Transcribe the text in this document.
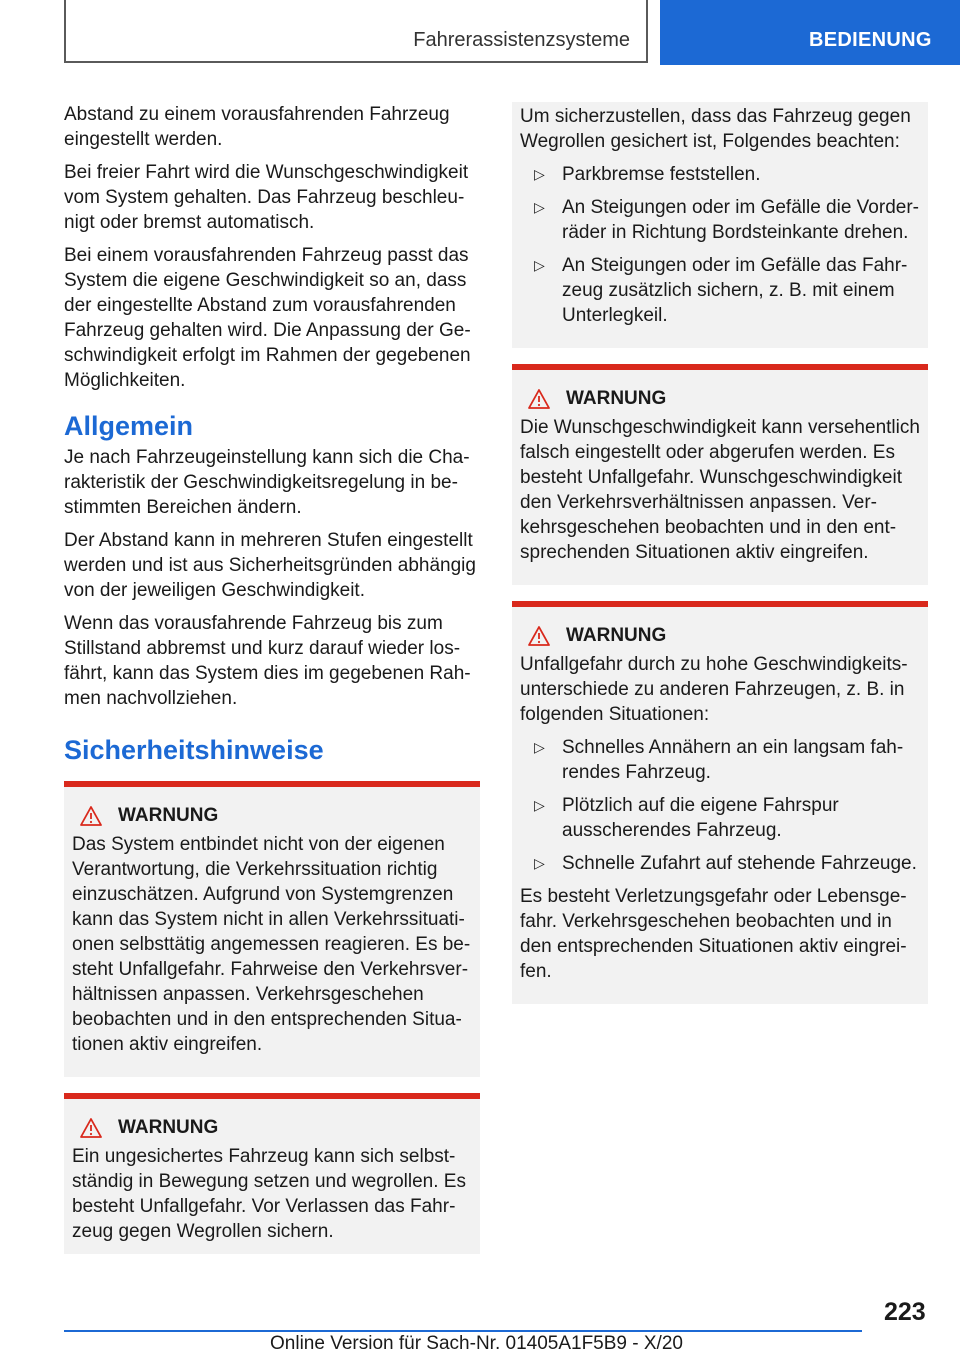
Fahrerassistenzsysteme	BEDIENUNG

Abstand zu einem vorausfahrenden Fahrzeug eingestellt werden.

Bei freier Fahrt wird die Wunschgeschwindigkeit vom System gehalten. Das Fahrzeug beschleunigt oder bremst automatisch.

Bei einem vorausfahrenden Fahrzeug passt das System die eigene Geschwindigkeit so an, dass der eingestellte Abstand zum vorausfahrenden Fahrzeug gehalten wird. Die Anpassung der Geschwindigkeit erfolgt im Rahmen der gegebenen Möglichkeiten.

Allgemein

Je nach Fahrzeugeinstellung kann sich die Charakteristik der Geschwindigkeitsregelung in bestimmten Bereichen ändern.

Der Abstand kann in mehreren Stufen eingestellt werden und ist aus Sicherheitsgründen abhängig von der jeweiligen Geschwindigkeit.

Wenn das vorausfahrende Fahrzeug bis zum Stillstand abbremst und kurz darauf wieder losfährt, kann das System dies im gegebenen Rahmen nachvollziehen.

Sicherheitshinweise
WARNUNG

Das System entbindet nicht von der eigenen Verantwortung, die Verkehrssituation richtig einzuschätzen. Aufgrund von Systemgrenzen kann das System nicht in allen Verkehrssituationen selbsttätig angemessen reagieren. Es besteht Unfallgefahr. Fahrweise den Verkehrsverhältnissen anpassen. Verkehrsgeschehen beobachten und in den entsprechenden Situationen aktiv eingreifen.

WARNUNG

Ein ungesichertes Fahrzeug kann sich selbstständig in Bewegung setzen und wegrollen. Es besteht Unfallgefahr. Vor Verlassen das Fahrzeug gegen Wegrollen sichern.

Um sicherzustellen, dass das Fahrzeug gegen Wegrollen gesichert ist, Folgendes beachten:

▷ Parkbremse feststellen.
▷ An Steigungen oder im Gefälle die Vorderräder in Richtung Bordsteinkante drehen.
▷ An Steigungen oder im Gefälle das Fahrzeug zusätzlich sichern, z. B. mit einem Unterlegkeil.
WARNUNG

Die Wunschgeschwindigkeit kann versehentlich falsch eingestellt oder abgerufen werden. Es besteht Unfallgefahr. Wunschgeschwindigkeit den Verkehrsverhältnissen anpassen. Verkehrsgeschehen beobachten und in den entsprechenden Situationen aktiv eingreifen.

WARNUNG

Unfallgefahr durch zu hohe Geschwindigkeitsunterschiede zu anderen Fahrzeugen, z. B. in folgenden Situationen:

▷ Schnelles Annähern an ein langsam fahrendes Fahrzeug.
▷ Plötzlich auf die eigene Fahrspur ausscherendes Fahrzeug.
▷ Schnelle Zufahrt auf stehende Fahrzeuge.

Es besteht Verletzungsgefahr oder Lebensgefahr. Verkehrsgeschehen beobachten und in den entsprechenden Situationen aktiv eingreifen.

223
Online Version für Sach-Nr. 01405A1F5B9 - X/20
